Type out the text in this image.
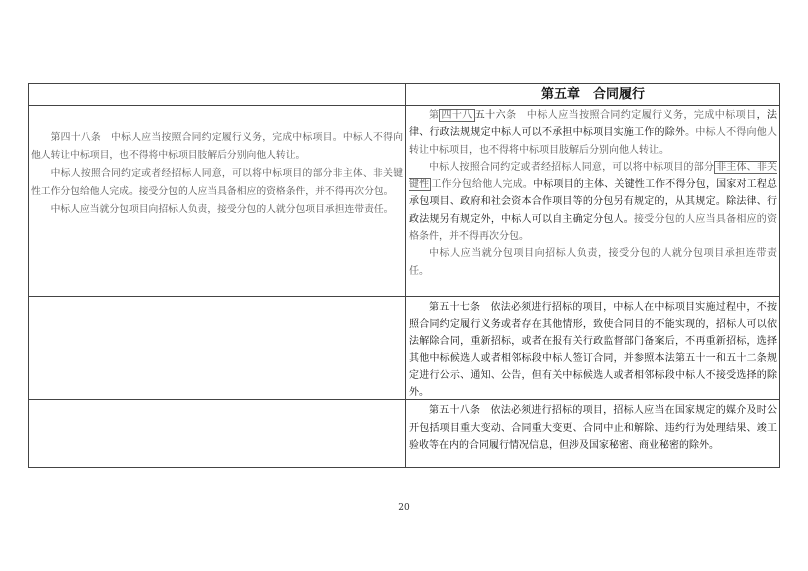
第五章　合同履行

第四十八条　中标人应当按照合同约定履行义务，完成中标项目。中标人不得向他人转让中标项目，也不得将中标项目肢解后分别向他人转让。

中标人按照合同约定或者经招标人同意，可以将中标项目的部分非主体、非关键性工作分包给他人完成。接受分包的人应当具备相应的资格条件，并不得再次分包。

中标人应当就分包项目向招标人负责，接受分包的人就分包项目承担连带责任。

第 四十八 五十六条　中标人应当按照合同约定履行义务，完成中标项目，法律、行政法规规定中标人可以不承担中标项目实施工作的除外。中标人不得向他人转让中标项目，也不得将中标项目肢解后分别向他人转让。

中标人按照合同约定或者经招标人同意，可以将中标项目的部分 非主体、非关键性 工作分包给他人完成。中标项目的主体、关键性工作不得分包，国家对工程总承包项目、政府和社会资本合作项目等的分包另有规定的，从其规定。除法律、行政法规另有规定外，中标人可以自主确定分包人。接受分包的人应当具备相应的资格条件，并不得再次分包。

中标人应当就分包项目向招标人负责，接受分包的人就分包项目承担连带责任。

第五十七条　依法必须进行招标的项目，中标人在中标项目实施过程中，不按照合同约定履行义务或者存在其他情形，致使合同目的不能实现的，招标人可以依法解除合同，重新招标，或者在报有关行政监督部门备案后，不再重新招标，选择其他中标候选人或者相邻标段中标人签订合同，并参照本法第五十一和五十二条规定进行公示、通知、公告，但有关中标候选人或者相邻标段中标人不接受选择的除外。

第五十八条　依法必须进行招标的项目，招标人应当在国家规定的媒介及时公开包括项目重大变动、合同重大变更、合同中止和解除、违约行为处理结果、竣工验收等在内的合同履行情况信息，但涉及国家秘密、商业秘密的除外。

20
